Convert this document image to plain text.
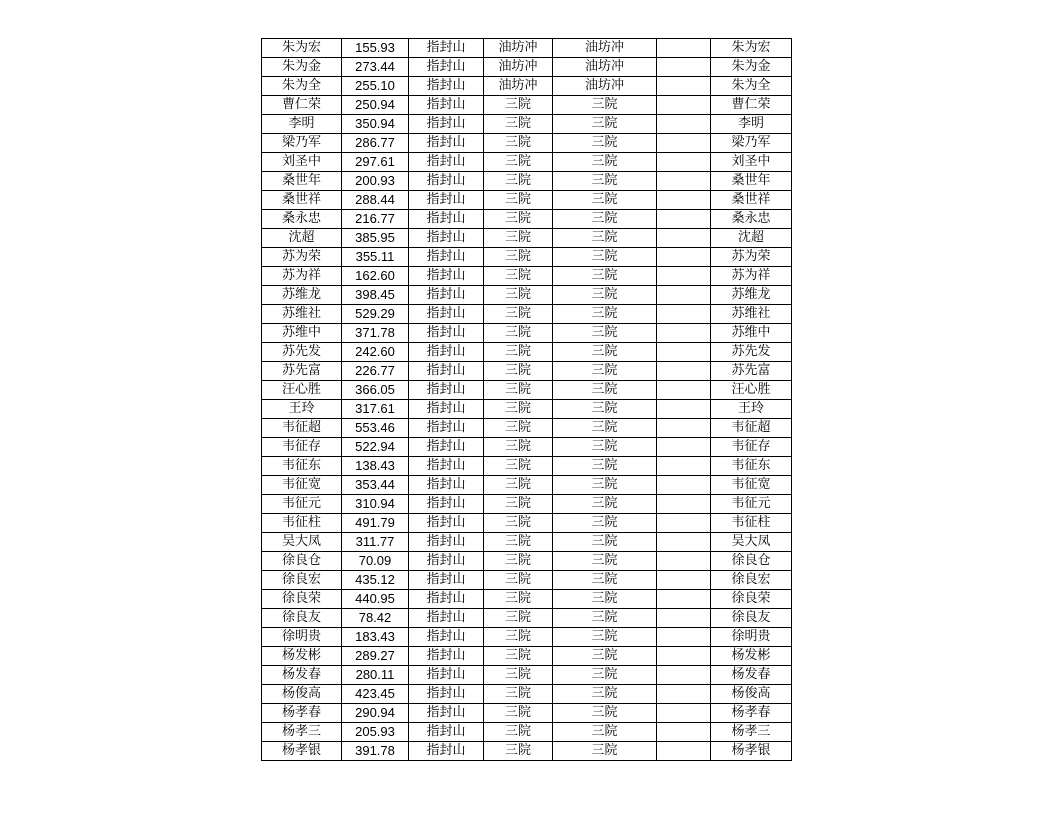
朱为宏	155.93	指封山	油坊冲	油坊冲		朱为宏
朱为金	273.44	指封山	油坊冲	油坊冲		朱为金
朱为全	255.10	指封山	油坊冲	油坊冲		朱为全
曹仁荣	250.94	指封山	三院	三院		曹仁荣
李明	350.94	指封山	三院	三院		李明
梁乃军	286.77	指封山	三院	三院		梁乃军
刘圣中	297.61	指封山	三院	三院		刘圣中
桑世年	200.93	指封山	三院	三院		桑世年
桑世祥	288.44	指封山	三院	三院		桑世祥
桑永忠	216.77	指封山	三院	三院		桑永忠
沈超	385.95	指封山	三院	三院		沈超
苏为荣	355.11	指封山	三院	三院		苏为荣
苏为祥	162.60	指封山	三院	三院		苏为祥
苏维龙	398.45	指封山	三院	三院		苏维龙
苏维社	529.29	指封山	三院	三院		苏维社
苏维中	371.78	指封山	三院	三院		苏维中
苏先发	242.60	指封山	三院	三院		苏先发
苏先富	226.77	指封山	三院	三院		苏先富
汪心胜	366.05	指封山	三院	三院		汪心胜
王玲	317.61	指封山	三院	三院		王玲
韦征超	553.46	指封山	三院	三院		韦征超
韦征存	522.94	指封山	三院	三院		韦征存
韦征东	138.43	指封山	三院	三院		韦征东
韦征宽	353.44	指封山	三院	三院		韦征宽
韦征元	310.94	指封山	三院	三院		韦征元
韦征柱	491.79	指封山	三院	三院		韦征柱
吴大凤	311.77	指封山	三院	三院		吴大凤
徐良仓	70.09	指封山	三院	三院		徐良仓
徐良宏	435.12	指封山	三院	三院		徐良宏
徐良荣	440.95	指封山	三院	三院		徐良荣
徐良友	78.42	指封山	三院	三院		徐良友
徐明贵	183.43	指封山	三院	三院		徐明贵
杨发彬	289.27	指封山	三院	三院		杨发彬
杨发春	280.11	指封山	三院	三院		杨发春
杨俊高	423.45	指封山	三院	三院		杨俊高
杨孝春	290.94	指封山	三院	三院		杨孝春
杨孝三	205.93	指封山	三院	三院		杨孝三
杨孝银	391.78	指封山	三院	三院		杨孝银
